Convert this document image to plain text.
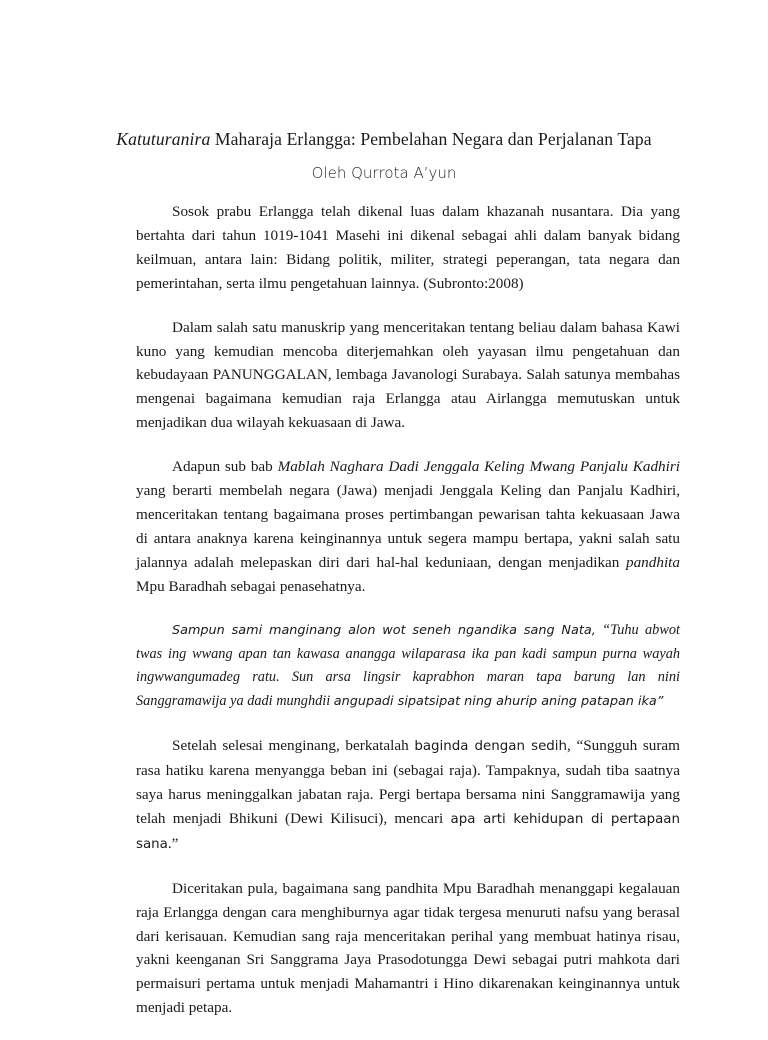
Katuturanira Maharaja Erlangga: Pembelahan Negara dan Perjalanan Tapa
Oleh Qurrota A’yun

Sosok prabu Erlangga telah dikenal luas dalam khazanah nusantara. Dia yang bertahta dari tahun 1019-1041 Masehi ini dikenal sebagai ahli dalam banyak bidang keilmuan, antara lain: Bidang politik, militer, strategi peperangan, tata negara dan pemerintahan, serta ilmu pengetahuan lainnya. (Subronto:2008)

Dalam salah satu manuskrip yang menceritakan tentang beliau dalam bahasa Kawi kuno yang kemudian mencoba diterjemahkan oleh yayasan ilmu pengetahuan dan kebudayaan PANUNGGALAN, lembaga Javanologi Surabaya. Salah satunya membahas mengenai bagaimana kemudian raja Erlangga atau Airlangga memutuskan untuk menjadikan dua wilayah kekuasaan di Jawa.

Adapun sub bab Mablah Naghara Dadi Jenggala Keling Mwang Panjalu Kadhiri yang berarti membelah negara (Jawa) menjadi Jenggala Keling dan Panjalu Kadhiri, menceritakan tentang bagaimana proses pertimbangan pewarisan tahta kekuasaan Jawa di antara anaknya karena keinginannya untuk segera mampu bertapa, yakni salah satu jalannya adalah melepaskan diri dari hal-hal keduniaan, dengan menjadikan pandhita Mpu Baradhah sebagai penasehatnya.

Sampun sami manginang alon wot seneh ngandika sang Nata, “Tuhu abwot twas ing wwang apan tan kawasa anangga wilaparasa ika pan kadi sampun purna wayah ingwwangumadeg ratu. Sun arsa lingsir kaprabhon maran tapa barung lan nini Sanggramawija ya dadi munghdii angupadi sipatsipat ning ahurip aning patapan ika”

Setelah selesai menginang, berkatalah baginda dengan sedih, “Sungguh suram rasa hatiku karena menyangga beban ini (sebagai raja). Tampaknya, sudah tiba saatnya saya harus meninggalkan jabatan raja. Pergi bertapa bersama nini Sanggramawija yang telah menjadi Bhikuni (Dewi Kilisuci), mencari apa arti kehidupan di pertapaan sana.”

Diceritakan pula, bagaimana sang pandhita Mpu Baradhah menanggapi kegalauan raja Erlangga dengan cara menghiburnya agar tidak tergesa menuruti nafsu yang berasal dari kerisauan. Kemudian sang raja menceritakan perihal yang membuat hatinya risau, yakni keenganan Sri Sanggrama Jaya Prasodotungga Dewi sebagai putri mahkota dari permaisuri pertama untuk menjadi Mahamantri i Hino dikarenakan keinginannya untuk menjadi petapa.
